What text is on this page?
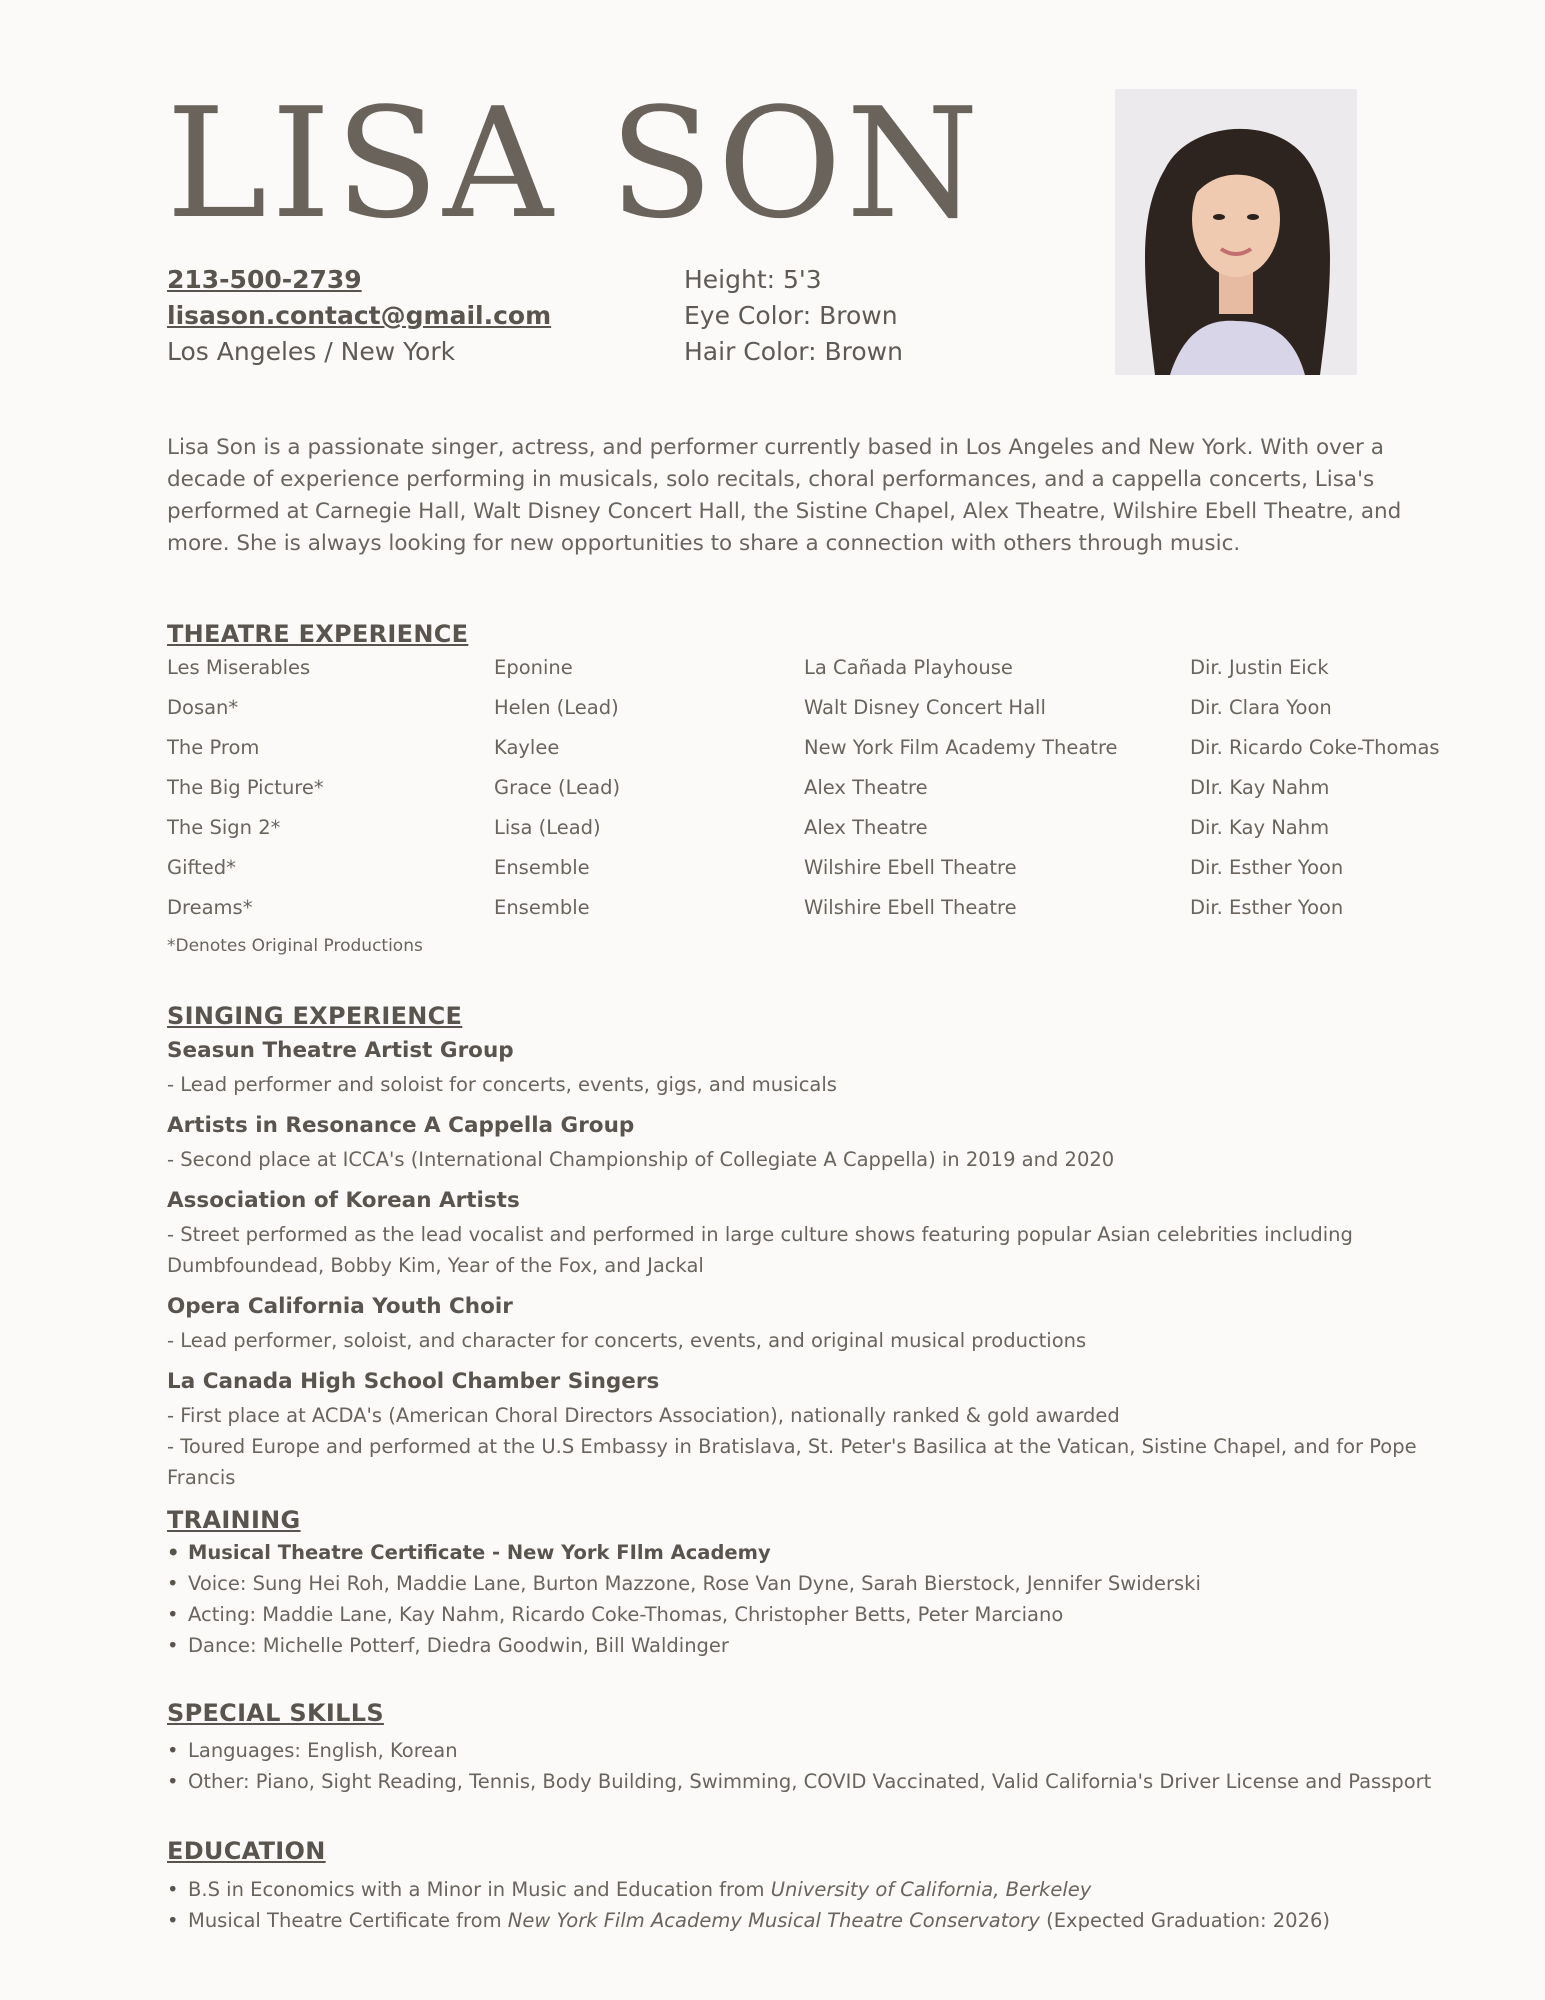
LISA SON
213-500-2739
lisason.contact@gmail.com
Los Angeles / New York
Height: 5'3
Eye Color: Brown
Hair Color: Brown

Lisa Son is a passionate singer, actress, and performer currently based in Los Angeles and New York. With over a decade of experience performing in musicals, solo recitals, choral performances, and a cappella concerts, Lisa's performed at Carnegie Hall, Walt Disney Concert Hall, the Sistine Chapel, Alex Theatre, Wilshire Ebell Theatre, and more. She is always looking for new opportunities to share a connection with others through music.

THEATRE EXPERIENCE
Les Miserables	Eponine	La Cañada Playhouse	Dir. Justin Eick
Dosan*	Helen (Lead)	Walt Disney Concert Hall	Dir. Clara Yoon
The Prom	Kaylee	New York Film Academy Theatre	Dir. Ricardo Coke-Thomas
The Big Picture*	Grace (Lead)	Alex Theatre	DIr. Kay Nahm
The Sign 2*	Lisa (Lead)	Alex Theatre	Dir. Kay Nahm
Gifted*	Ensemble	Wilshire Ebell Theatre	Dir. Esther Yoon
Dreams*	Ensemble	Wilshire Ebell Theatre	Dir. Esther Yoon
*Denotes Original Productions
SINGING EXPERIENCE
Seasun Theatre Artist Group

- Lead performer and soloist for concerts, events, gigs, and musicals

Artists in Resonance A Cappella Group

- Second place at ICCA's (International Championship of Collegiate A Cappella) in 2019 and 2020

Association of Korean Artists

- Street performed as the lead vocalist and performed in large culture shows featuring popular Asian celebrities including Dumbfoundead, Bobby Kim, Year of the Fox, and Jackal

Opera California Youth Choir

- Lead performer, soloist, and character for concerts, events, and original musical productions

La Canada High School Chamber Singers

- First place at ACDA's (American Choral Directors Association), nationally ranked & gold awarded

- Toured Europe and performed at the U.S Embassy in Bratislava, St. Peter's Basilica at the Vatican, Sistine Chapel, and for Pope Francis

TRAINING
• Musical Theatre Certificate - New York FIlm Academy
• Voice: Sung Hei Roh, Maddie Lane, Burton Mazzone, Rose Van Dyne, Sarah Bierstock, Jennifer Swiderski
• Acting: Maddie Lane, Kay Nahm, Ricardo Coke-Thomas, Christopher Betts, Peter Marciano
• Dance: Michelle Potterf, Diedra Goodwin, Bill Waldinger
SPECIAL SKILLS
• Languages: English, Korean
• Other: Piano, Sight Reading, Tennis, Body Building, Swimming, COVID Vaccinated, Valid California's Driver License and Passport
EDUCATION
• B.S in Economics with a Minor in Music and Education from University of California, Berkeley
• Musical Theatre Certificate from New York Film Academy Musical Theatre Conservatory (Expected Graduation: 2026)
